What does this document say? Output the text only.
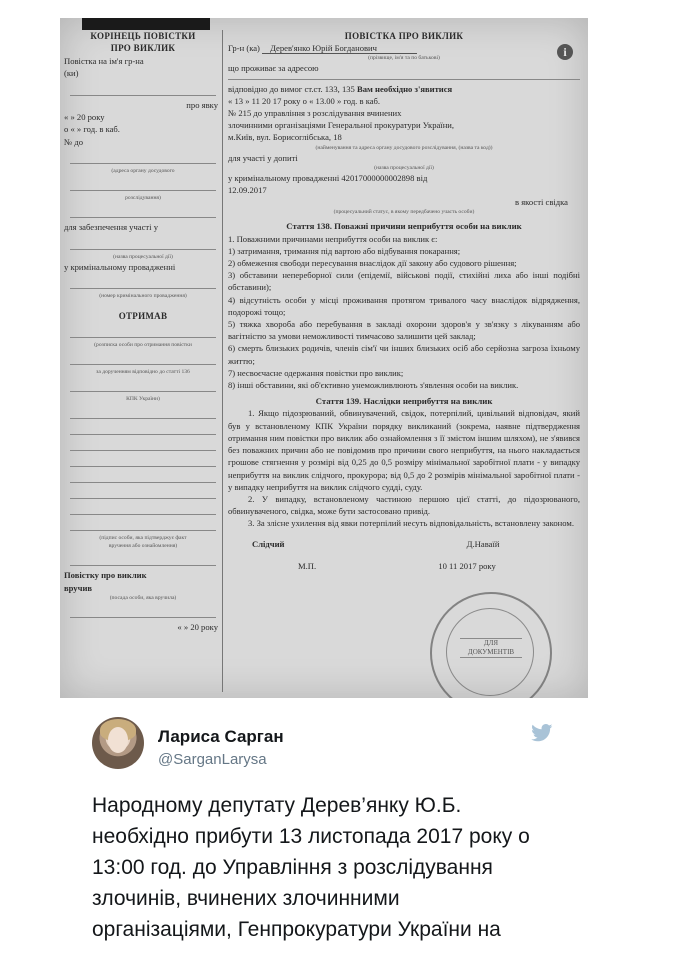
КОРІНЕЦЬ ПОВІСТКИ
ПРО ВИКЛИК
Повістка на ім'я гр-на
(ки)
про явку
« » 20 року
о « » год. в каб.
№ до
(адреса органу досудового
розслідування)
для забезпечення участі у
(назва процесуальної дії)
у кримінальному провадженні
(номер кримінального провадження)
ОТРИМАВ
(розписка особи про отримання повістки
за дорученням відповідно до статті 136
КПК України)
(підпис особи, яка підтверджує факт
вручення або ознайомлення)
Повістку про виклик
вручив
(посада особи, яка вручила)
« » 20 року
ПОВІСТКА ПРО ВИКЛИК
Гр-н (ка) Дерев'янко Юрій Богданович
(прізвище, ім'я та по батькові)
що проживає за адресою
відповідно до вимог ст.ст. 133, 135 Вам необхідно з'явитися
« 13 » 11 20 17 року о « 13.00 » год. в каб.
№ 215 до управління з розслідування вчинених
злочинними організаціями Генеральної прокуратури України,
м.Київ, вул. Борисоглібська, 18
(найменування та адреса органу досудового розслідування, (назва та код))
для участі у допиті
(назва процесуальної дії)
у кримінальному провадженні 42017000000002898 від
12.09.2017
в якості свідка
(процесуальний статус, в якому передбачено участь особи)
Стаття 138. Поважні причини неприбуття особи на виклик
1. Поважними причинами неприбуття особи на виклик є:
1) затримання, тримання під вартою або відбування покарання;
2) обмеження свободи пересування внаслідок дії закону або судового рішення;
3) обставини непереборної сили (епідемії, військові події, стихійні лиха або інші подібні обставини);
4) відсутність особи у місці проживання протягом тривалого часу внаслідок відрядження, подорожі тощо;
5) тяжка хвороба або перебування в закладі охорони здоров'я у зв'язку з лікуванням або вагітністю за умови неможливості тимчасово залишити цей заклад;
6) смерть близьких родичів, членів сім'ї чи інших близьких осіб або серйозна загроза їхньому життю;
7) несвоєчасне одержання повістки про виклик;
8) інші обставини, які об'єктивно унеможливлюють з'явлення особи на виклик.
Стаття 139. Наслідки неприбуття на виклик
1. Якщо підозрюваний, обвинувачений, свідок, потерпілий, цивільний відповідач, який був у встановленому КПК України порядку викликаний (зокрема, наявне підтвердження отримання ним повістки про виклик або ознайомлення з її змістом іншим шляхом), не з'явився без поважних причин або не повідомив про причини свого неприбуття, на нього накладається грошове стягнення у розмірі від 0,25 до 0,5 розміру мінімальної заробітної плати - у випадку неприбуття на виклик слідчого, прокурора; від 0,5 до 2 розмірів мінімальної заробітної плати - у випадку неприбуття на виклик слідчого судді, суду.
2. У випадку, встановленому частиною першою цієї статті, до підозрюваного, обвинуваченого, свідка, може бути застосовано привід.
3. За злісне ухилення від явки потерпілий несуть відповідальність, встановлену законом.
Слідчий	Д.Наваїй
М.П.	10 11 2017 року
i
ДЛЯ
ДОКУМЕНТІВ
Лариса Сарган
@SarganLarysa
Народному депутату Дерев’янку Ю.Б.
необхідно прибути 13 листопада 2017 року о
13:00 год. до Управління з розслідування
злочинів, вчинених злочинними
організаціями, Генпрокуратури України на
